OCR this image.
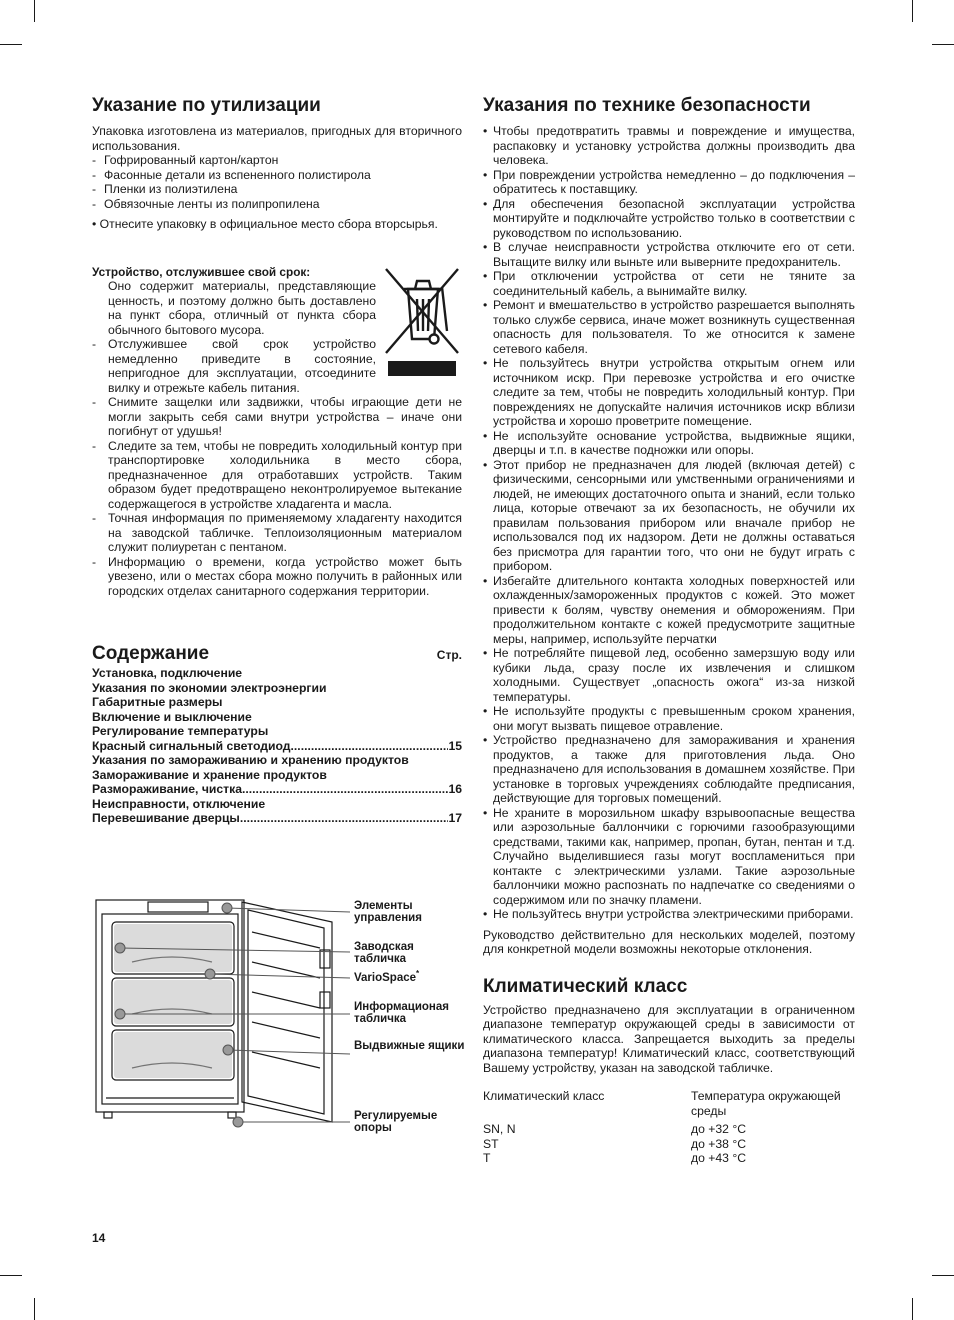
Указание по утилизации

Упаковка изготовлена из материалов, пригодных для вторичного использования.

- Гофрированный картон/картон
- Фасонные детали из вспененного полистирола
- Пленки из полиэтилена
- Обвязочные ленты из полипропилена

• Отнесите упаковку в официальное место сбора вторсырья.

Устройство, отслужившее свой срок:

Оно содержит материалы, представляющие ценность, и поэтому должно быть доставлено на пункт сбора, отличный от пункта сбора обычного бытового мусора.

- Отслужившее свой срок устройство немедленно приведите в состояние, непригодное для эксплуатации, отсоедините вилку и отрежьте кабель питания.
- Снимите защелки или задвижки, чтобы играющие дети не могли закрыть себя сами внутри устройства – иначе они погибнут от удушья!
- Следите за тем, чтобы не повредить холодильный контур при транспортировке холодильника в место сбора, предназначенное для отработавших устройств. Таким образом будет предотвращено неконтролируемое вытекание содержащегося в устройстве хладагента и масла.
- Точная информация по применяемому хладагенту находится на заводской табличке. Теплоизоляционным материалом служит полиуретан с пентаном.
- Информацию о времени, когда устройство может быть увезено, или о местах сбора можно получить в районных или городских отделах санитарного содержания территории.
Содержание	Стр.
Установка, подключение
Указания по экономии электроэнергии
Габаритные размеры
Включение и выключение
Регулирование температуры
Красный сигнальный светодиод .....	15
Указания по замораживанию и хранению продуктов
Замораживание и хранение продуктов
Размораживание, чистка .....	16
Неисправности, отключение
Перевешивание дверцы .....	17
Элементы управления
Заводская табличка
VarioSpace*
Информационая табличка
Выдвижные ящики
Регулируемые опоры
Указания по технике безопасности
• Чтобы предотвратить травмы и повреждение и имущества, распаковку и установку устройства должны производить два человека.
• При повреждении устройства немедленно – до подключения – обратитесь к поставщику.
• Для обеспечения безопасной эксплуатации устройства монтируйте и подключайте устройство только в соответствии с руководством по использованию.
• В случае неисправности устройства отключите его от сети. Вытащите вилку или выньте или выверните предохранитель.
• При отключении устройства от сети не тяните за соединительный кабель, а вынимайте вилку.
• Ремонт и вмешательство в устройство разрешается выполнять только службе сервиса, иначе может возникнуть существенная опасность для пользователя. То же относится к замене сетевого кабеля.
• Не пользуйтесь внутри устройства открытым огнем или источником искр. При перевозке устройства и его очистке следите за тем, чтобы не повредить холодильный контур. При повреждениях не допускайте наличия источников искр вблизи устройства и хорошо проветрите помещение.
• Не используйте основание устройства, выдвижные ящики, дверцы и т.п. в качестве подножки или опоры.
• Этот прибор не предназначен для людей (включая детей) с физическими, сенсорными или умственными ограничениями и людей, не имеющих достаточного опыта и знаний, если только лица, которые отвечают за их безопасность, не обучили их правилам пользования прибором или вначале прибор не использовался под их надзором. Дети не должны оставаться без присмотра для гарантии того, что они не будут играть с прибором.
• Избегайте длительного контакта холодных поверхностей или охлажденных/замороженных продуктов с кожей. Это может привести к болям, чувству онемения и обморожениям. При продолжительном контакте с кожей предусмотрите защитные меры, например, используйте перчатки
• Не потребляйте пищевой лед, особенно замерзшую воду или кубики льда, сразу после их извлечения и слишком холодными. Существует „опасность ожога“ из-за низкой температуры.
• Не используйте продукты с превышенным сроком хранения, они могут вызвать пищевое отравление.
• Устройство предназначено для замораживания и хранения продуктов, а также для приготовления льда. Оно предназначено для использования в домашнем хозяйстве. При установке в торговых учреждениях соблюдайте предписания, действующие для торговых помещений.
• Не храните в морозильном шкафу взрывоопасные вещества или аэрозольные баллончики с горючими газообразующими средствами, такими как, например, пропан, бутан, пентан и т.д. Случайно выделившиеся газы могут воспламениться при контакте с электрическими узлами. Такие аэрозольные баллончики можно распознать по надпечатке со сведениями о содержимом или по значку пламени.
• Не пользуйтесь внутри устройства электрическими приборами.

Руководство действительно для нескольких моделей, поэтому для конкретной модели возможны некоторые отклонения.

Климатический класс

Устройство предназначено для эксплуатации в ограниченном диапазоне температур окружающей среды в зависимости от климатического класса. Запрещается выходить за пределы диапазона температур! Климатический класс, соответствующий Вашему устройству, указан на заводской табличке.

Климатический класс	Температура окружающей среды
SN, N	до +32 °C
ST	до +38 °C
T	до +43 °C
14
